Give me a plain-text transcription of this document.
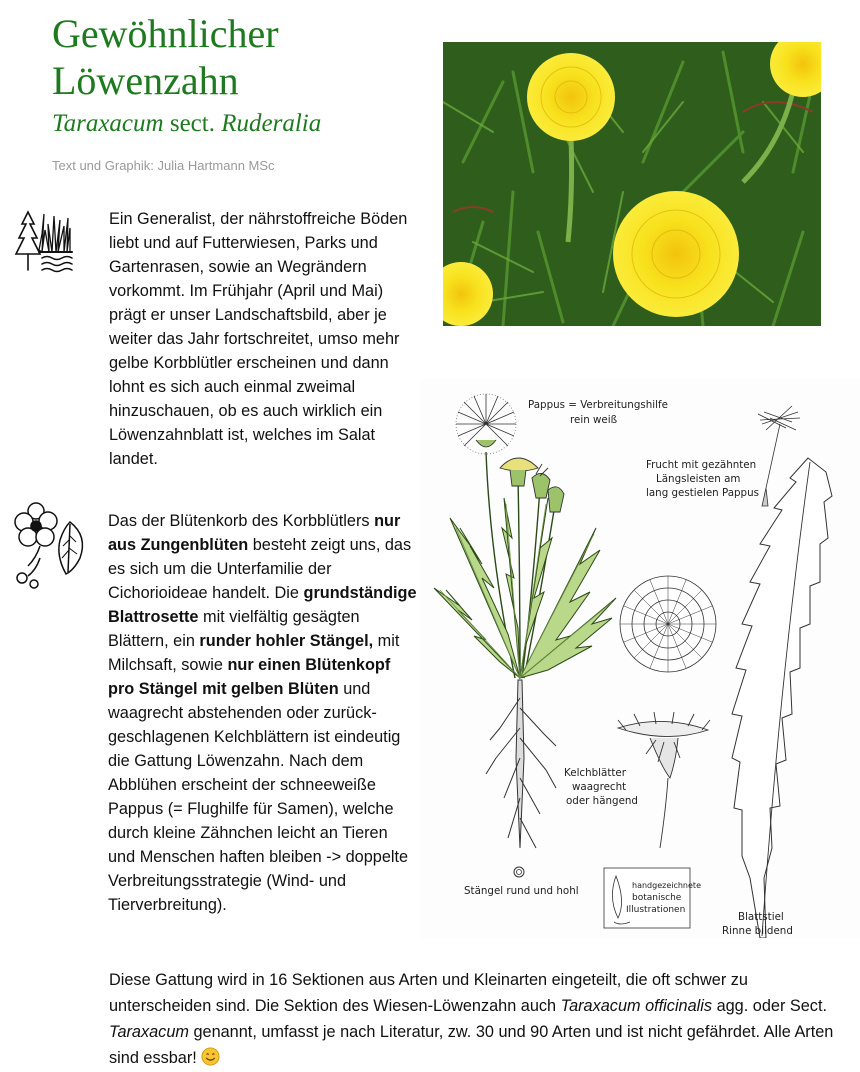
Gewöhnlicher
Löwenzahn
Taraxacum sect. Ruderalia
Text und Graphik: Julia Hartmann MSc

Ein Generalist, der nährstoffreiche Böden liebt und auf Futterwiesen, Parks und Gartenrasen, sowie an Wegrändern vorkommt. Im Frühjahr (April und Mai) prägt er unser Landschaftsbild, aber je weiter das Jahr fortschreitet, umso mehr gelbe Korbblütler erscheinen und dann lohnt es sich auch einmal zweimal hinzuschauen, ob es auch wirklich ein Löwenzahnblatt ist, welches im Salat landet.

Das der Blütenkorb des Korbblütlers nur aus Zungenblüten besteht zeigt uns, das es sich um die Unterfamilie der Cichorioideae handelt. Die grundständige Blattrosette mit vielfältig gesägten Blättern, ein runder hohler Stängel, mit Milchsaft, sowie nur einen Blütenkopf pro Stängel mit gelben Blüten und waagrecht abstehenden oder zurück-geschlagenen Kelchblättern ist eindeutig die Gattung Löwenzahn. Nach dem Abblühen erscheint der schneeweiße Pappus (= Flughilfe für Samen), welche durch kleine Zähnchen leicht an Tieren und Menschen haften bleiben -> doppelte Verbreitungsstrategie (Wind- und Tierverbreitung).

Pappus = Verbreitungshilfe
rein weiß
Frucht mit gezähnten
Längsleisten am
lang gestielen Pappus
Kelchblätter
waagrecht
oder hängend
Stängel rund und hohl	handgezeichnete
botanische
Illustrationen
Blattstiel
Rinne bildend

Diese Gattung wird in 16 Sektionen aus Arten und Kleinarten eingeteilt, die oft schwer zu unterscheiden sind. Die Sektion des Wiesen-Löwenzahn auch Taraxacum officinalis agg. oder Sect. Taraxacum genannt, umfasst je nach Literatur, zw. 30 und 90 Arten und ist nicht gefährdet. Alle Arten sind essbar!
